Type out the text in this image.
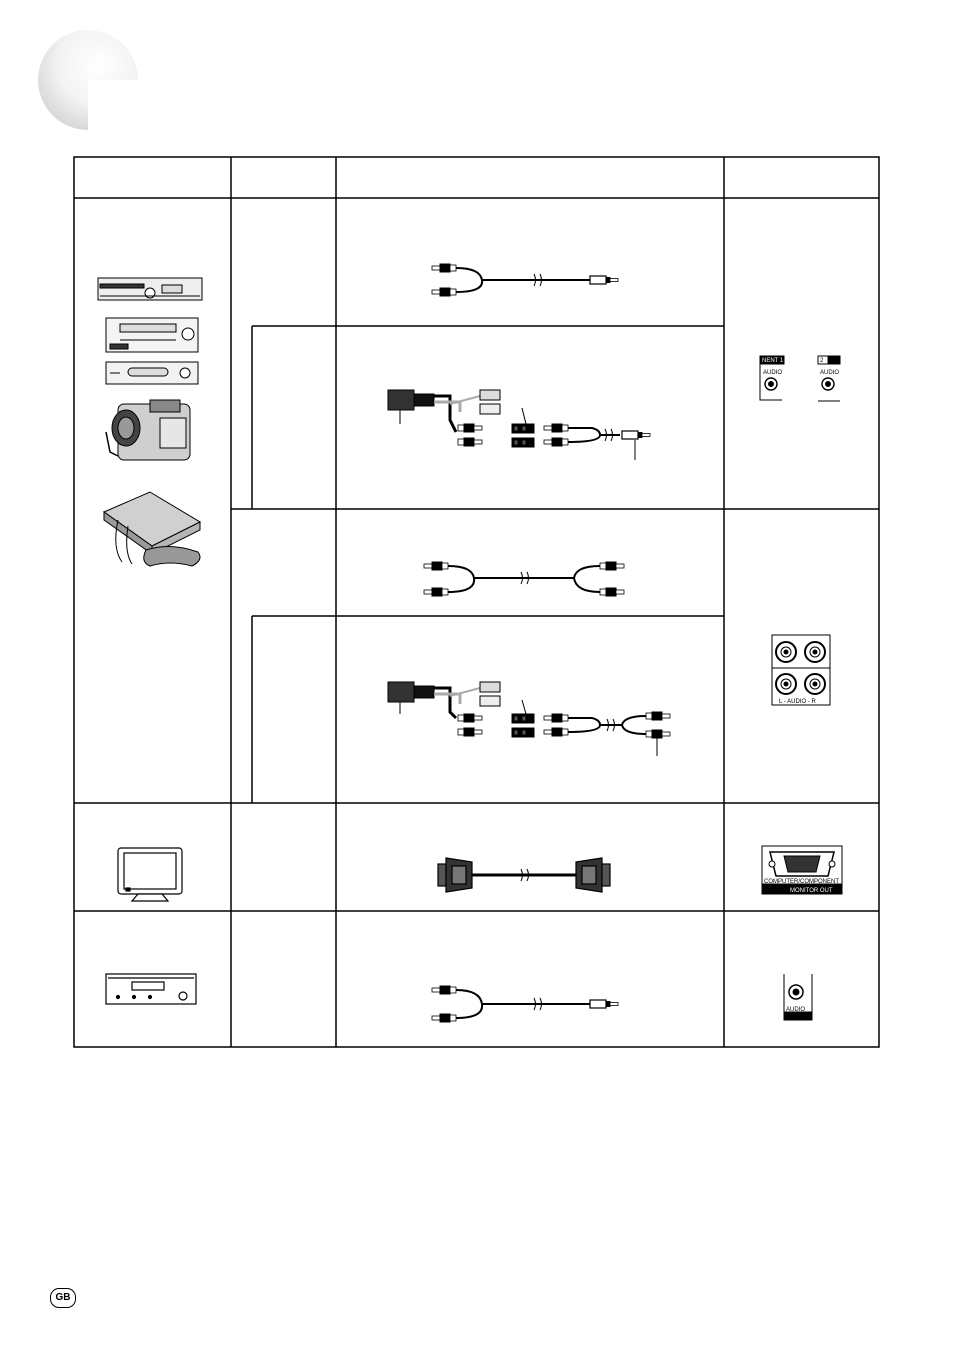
NENT 1
AUDIO
2
AUDIO
L - AUDIO - R
COMPUTER/COMPONENT
MONITOR OUT
AUDIO
GB
